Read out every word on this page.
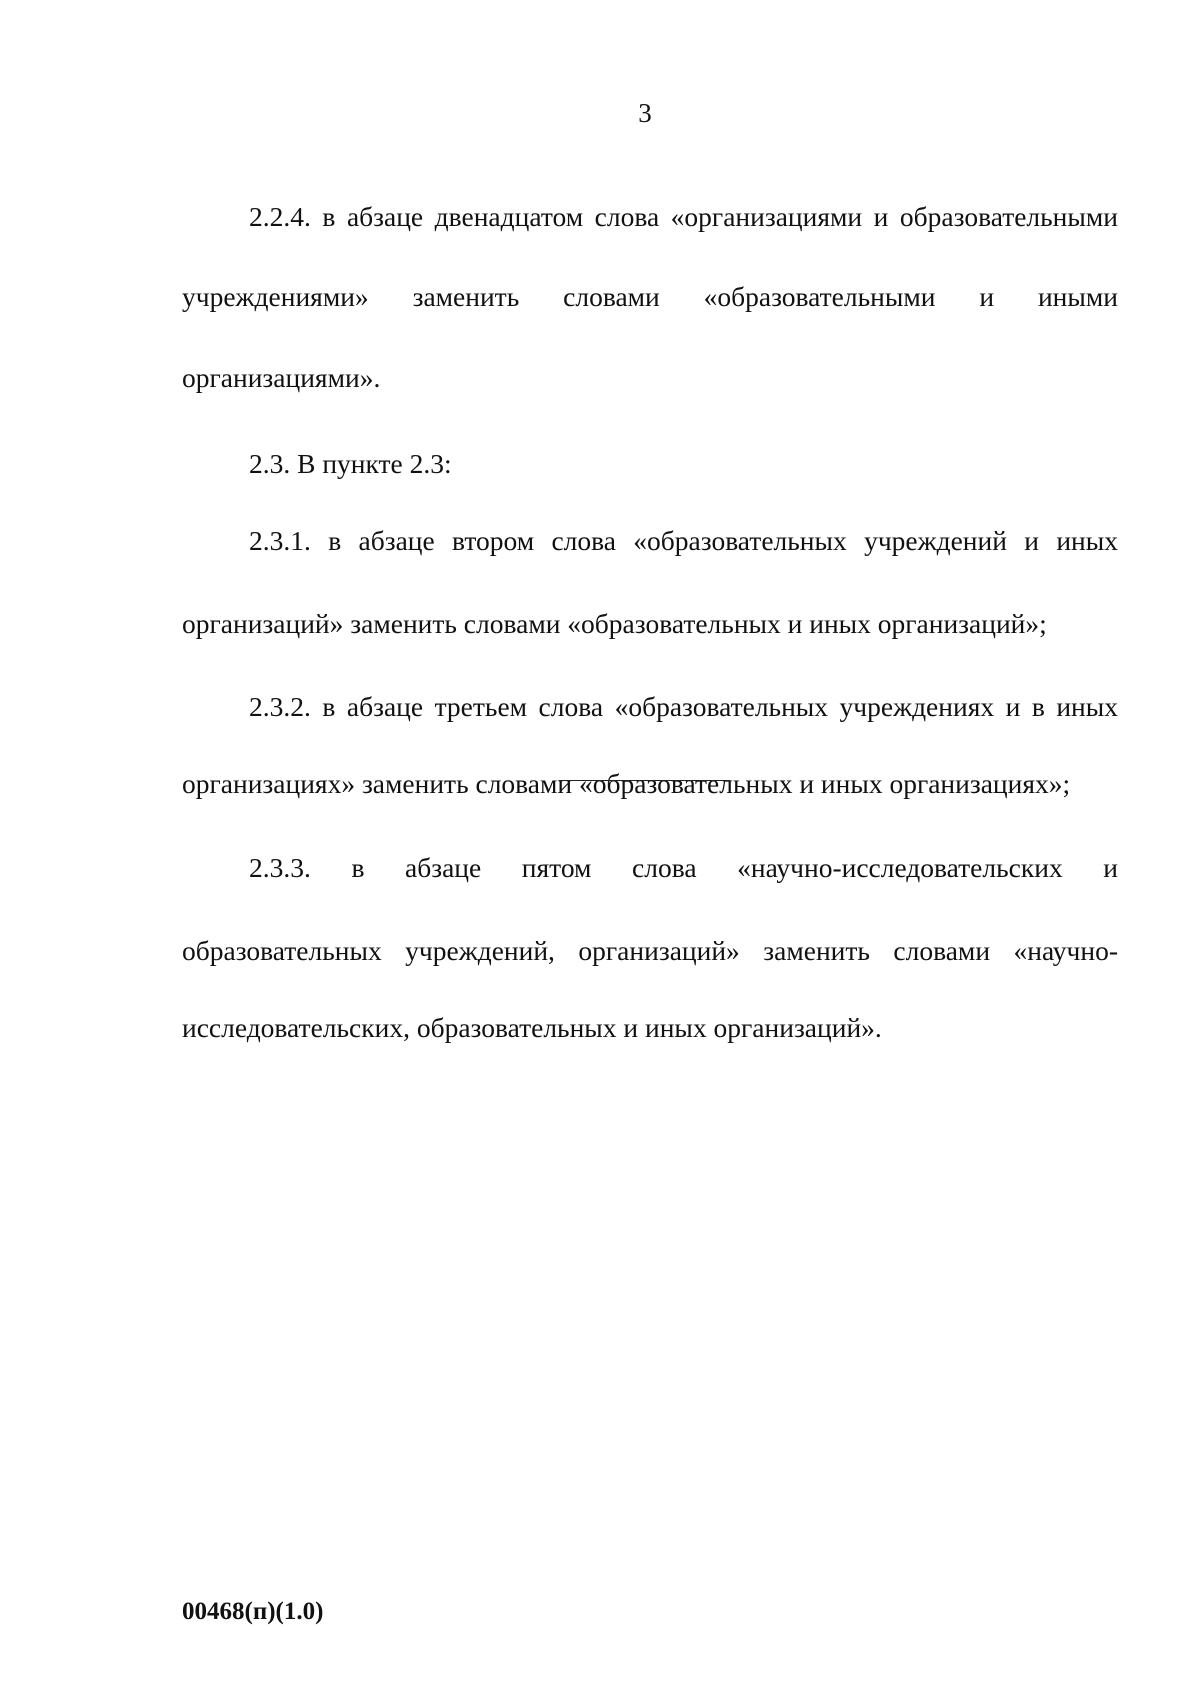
3
2.2.4. в абзаце двенадцатом слова «организациями и образовательными
учреждениями» заменить словами «образовательными и иными
организациями».
2.3. В пункте 2.3:
2.3.1. в абзаце втором слова «образовательных учреждений и иных
организаций» заменить словами «образовательных и иных организаций»;
2.3.2. в абзаце третьем слова «образовательных учреждениях и в иных
организациях» заменить словами «образовательных и иных организациях»;
2.3.3. в абзаце пятом слова «научно-исследовательских и
образовательных учреждений, организаций» заменить словами «научно-
исследовательских, образовательных и иных организаций».
00468(п)(1.0)
